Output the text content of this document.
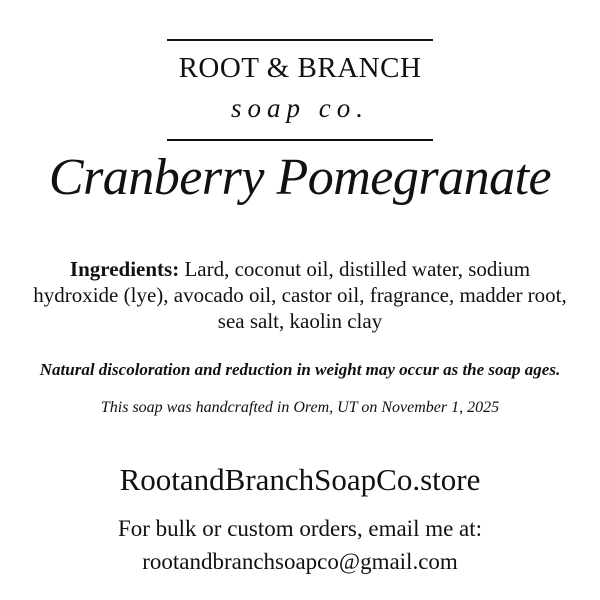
ROOT & BRANCH
soap co.
Cranberry Pomegranate
Ingredients: Lard, coconut oil, distilled water, sodium hydroxide (lye), avocado oil, castor oil, fragrance, madder root, sea salt, kaolin clay
Natural discoloration and reduction in weight may occur as the soap ages.
This soap was handcrafted in Orem, UT on November 1, 2025
RootandBranchSoapCo.store
For bulk or custom orders, email me at:
rootandbranchsoapco@gmail.com
